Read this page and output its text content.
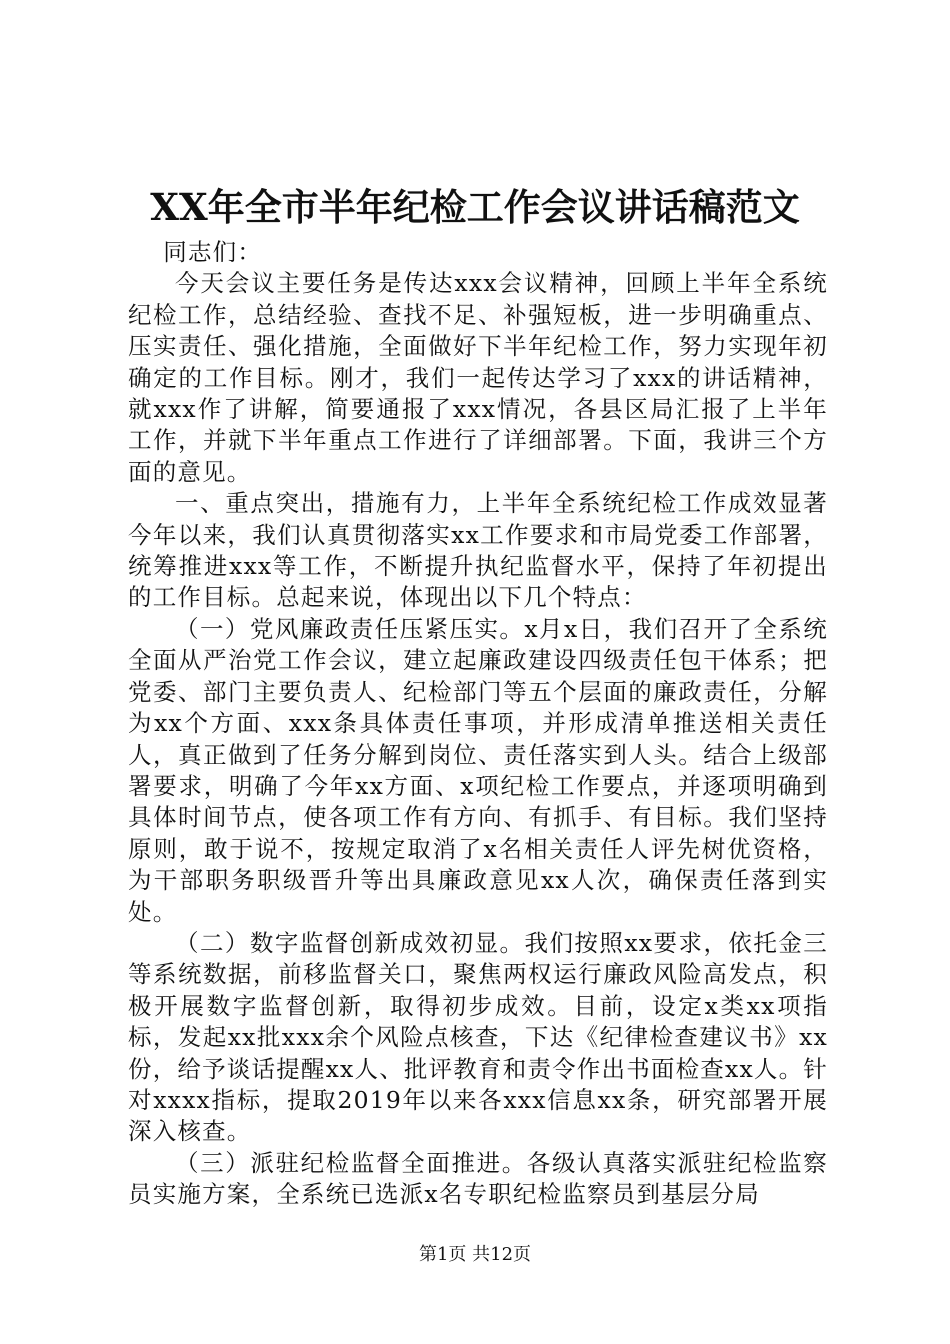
XX年全市半年纪检工作会议讲话稿范文

同志们：

今天会议主要任务是传达xxx会议精神，回顾上半年全系统纪检工作，总结经验、查找不足、补强短板，进一步明确重点、压实责任、强化措施，全面做好下半年纪检工作，努力实现年初确定的工作目标。刚才，我们一起传达学习了xxx的讲话精神，就xxx作了讲解，简要通报了xxx情况，各县区局汇报了上半年工作，并就下半年重点工作进行了详细部署。下面，我讲三个方面的意见。

一、重点突出，措施有力，上半年全系统纪检工作成效显著今年以来，我们认真贯彻落实xx工作要求和市局党委工作部署，统筹推进xxx等工作，不断提升执纪监督水平，保持了年初提出的工作目标。总起来说，体现出以下几个特点：

（一）党风廉政责任压紧压实。x月x日，我们召开了全系统全面从严治党工作会议，建立起廉政建设四级责任包干体系；把党委、部门主要负责人、纪检部门等五个层面的廉政责任，分解为xx个方面、xxx条具体责任事项，并形成清单推送相关责任人，真正做到了任务分解到岗位、责任落实到人头。结合上级部署要求，明确了今年xx方面、x项纪检工作要点，并逐项明确到具体时间节点，使各项工作有方向、有抓手、有目标。我们坚持原则，敢于说不，按规定取消了x名相关责任人评先树优资格，为干部职务职级晋升等出具廉政意见xx人次，确保责任落到实处。

（二）数字监督创新成效初显。我们按照xx要求，依托金三等系统数据，前移监督关口，聚焦两权运行廉政风险高发点，积极开展数字监督创新，取得初步成效。目前，设定x类xx项指标，发起xx批xxx余个风险点核查，下达《纪律检查建议书》xx份，给予谈话提醒xx人、批评教育和责令作出书面检查xx人。针对xxxx指标，提取2019年以来各xxx信息xx条，研究部署开展深入核查。

（三）派驻纪检监督全面推进。各级认真落实派驻纪检监察员实施方案，全系统已选派x名专职纪检监察员到基层分局

第1页 共12页
